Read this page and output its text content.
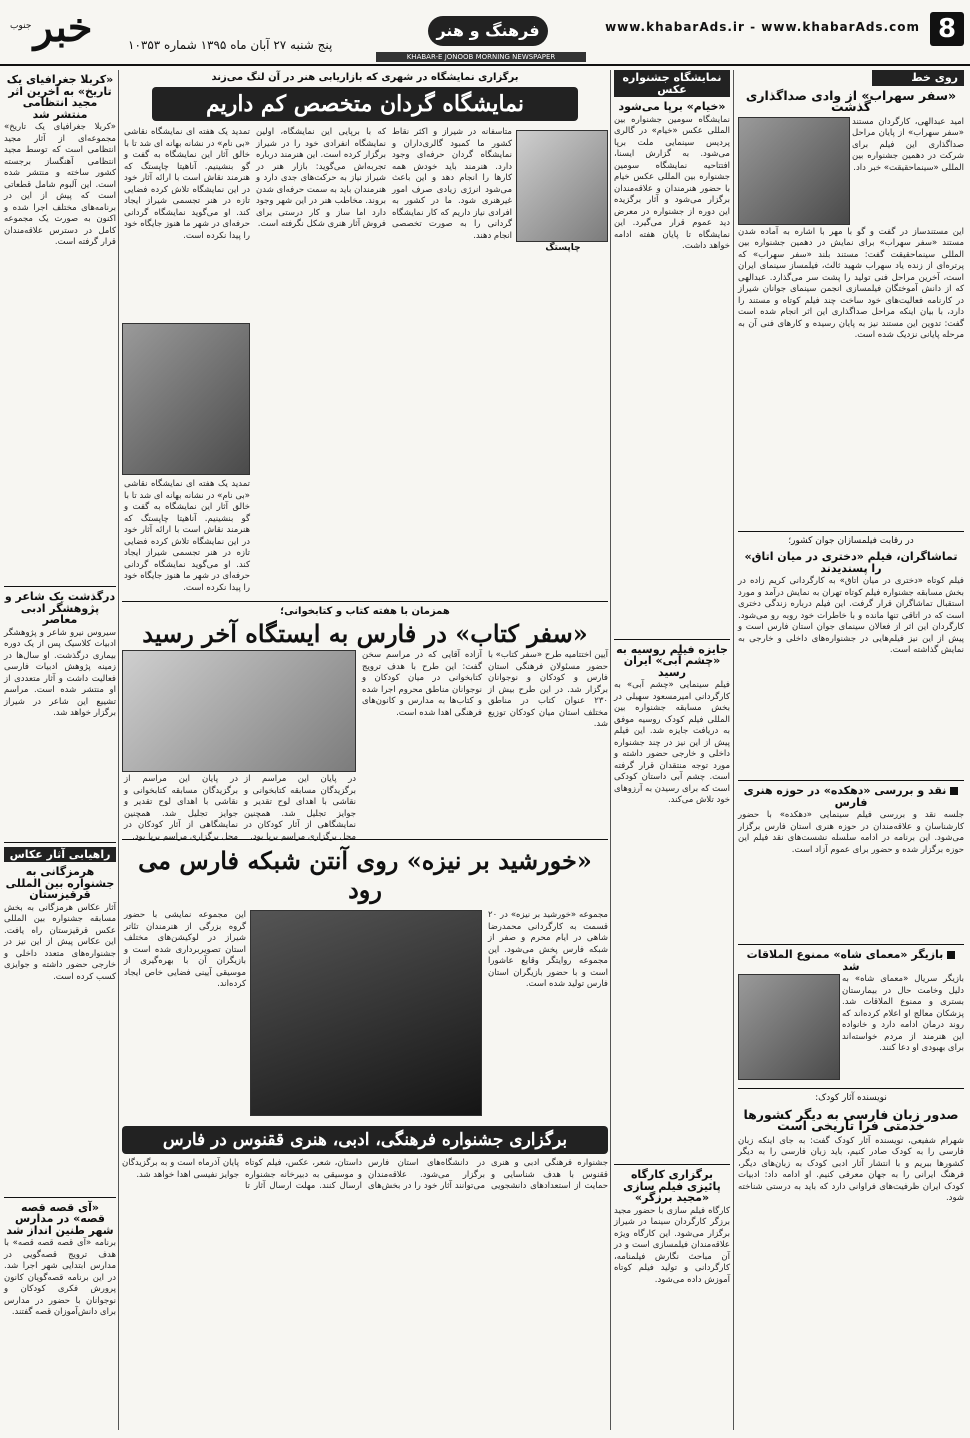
8
www.khabarAds.ir - www.khabarAds.com
فرهنگ و هنر
خبر
جنوب
پنج شنبه ۲۷ آبان ماه ۱۳۹۵ شماره ۱۰۳۵۳
KHABAR-E JONOOB MORNING NEWSPAPER
روی خط
«سفر سهراب» از وادی صداگذاری گذشت
امید عبدالهی، کارگردان مستند «سفر سهراب» از پایان مراحل صداگذاری این فیلم برای شرکت در دهمین جشنواره بین المللی «سینماحقیقت» خبر داد.
این مستندساز در گفت و گو با مهر با اشاره به آماده شدن مستند «سفر سهراب» برای نمایش در دهمین جشنواره بین المللی سینماحقیقت گفت: مستند بلند «سفر سهراب» که پرتره‌ای از زنده یاد سهراب شهید ثالث، فیلمساز سینمای ایران است، آخرین مراحل فنی تولید را پشت سر می‌گذارد. عبدالهی که از دانش آموختگان فیلمسازی انجمن سینمای جوانان شیراز در کارنامه فعالیت‌های خود ساخت چند فیلم کوتاه و مستند را دارد، با بیان اینکه مراحل صداگذاری این اثر انجام شده است گفت: تدوین این مستند نیز به پایان رسیده و کارهای فنی آن به مرحله پایانی نزدیک شده است.
در رقابت فیلمسازان جوان کشور؛
تماشاگران، فیلم «دختری در میان اتاق» را پسندیدند
فیلم کوتاه «دختری در میان اتاق» به کارگردانی کریم زاده در بخش مسابقه جشنواره فیلم کوتاه تهران به نمایش درآمد و مورد استقبال تماشاگران قرار گرفت. این فیلم درباره زندگی دختری است که در اتاقی تنها مانده و با خاطرات خود روبه رو می‌شود. کارگردان این اثر از فعالان سینمای جوان استان فارس است و پیش از این نیز فیلم‌هایی در جشنواره‌های داخلی و خارجی به نمایش گذاشته است.
نقد و بررسی «دهکده» در حوزه هنری فارس
جلسه نقد و بررسی فیلم سینمایی «دهکده» با حضور کارشناسان و علاقه‌مندان در حوزه هنری استان فارس برگزار می‌شود. این برنامه در ادامه سلسله نشست‌های نقد فیلم این حوزه برگزار شده و حضور برای عموم آزاد است.
بازیگر «معمای شاه» ممنوع الملاقات شد
بازیگر سریال «معمای شاه» به دلیل وخامت حال در بیمارستان بستری و ممنوع الملاقات شد. پزشکان معالج او اعلام کرده‌اند که روند درمان ادامه دارد و خانواده این هنرمند از مردم خواسته‌اند برای بهبودی او دعا کنند.
نویسنده آثار کودک:
صدور زبان فارسی به دیگر کشورها خدمتی فرا تاریخی است
شهرام شفیعی، نویسنده آثار کودک گفت: به جای اینکه زبان فارسی را به کودک صادر کنیم، باید زبان فارسی را به دیگر کشورها ببریم و با انتشار آثار ادبی کودک به زبان‌های دیگر، فرهنگ ایرانی را به جهان معرفی کنیم. او ادامه داد: ادبیات کودک ایران ظرفیت‌های فراوانی دارد که باید به درستی شناخته شود.
نمایشگاه جشنواره عکس
«خیام» برپا می‌شود
نمایشگاه سومین جشنواره بین المللی عکس «خیام» در گالری پردیس سینمایی ملت برپا می‌شود. به گزارش ایسنا، افتتاحیه نمایشگاه سومین جشنواره بین المللی عکس خیام با حضور هنرمندان و علاقه‌مندان برگزار می‌شود و آثار برگزیده این دوره از جشنواره در معرض دید عموم قرار می‌گیرد. این نمایشگاه تا پایان هفته ادامه خواهد داشت.
جایزه فیلم روسیه به «چشم آبی» ایران رسید
فیلم سینمایی «چشم آبی» به کارگردانی امیرمسعود سهیلی در بخش مسابقه جشنواره بین المللی فیلم کودک روسیه موفق به دریافت جایزه شد. این فیلم پیش از این نیز در چند جشنواره داخلی و خارجی حضور داشته و مورد توجه منتقدان قرار گرفته است. چشم آبی داستان کودکی است که برای رسیدن به آرزوهای خود تلاش می‌کند.
برگزاری کارگاه پائیزی فیلم سازی «مجید برزگر»
کارگاه فیلم سازی با حضور مجید برزگر کارگردان سینما در شیراز برگزار می‌شود. این کارگاه ویژه علاقه‌مندان فیلمسازی است و در آن مباحث نگارش فیلمنامه، کارگردانی و تولید فیلم کوتاه آموزش داده می‌شود.
برگزاری نمایشگاه در شهری که بازاریابی هنر در آن لنگ می‌زند
نمایشگاه گردان متخصص کم داریم
چاپستگ
متاسفانه در شیراز و اکثر نقاط کشور ما کمبود گالری‌داران و نمایشگاه گردان حرفه‌ای وجود دارد. هنرمند باید خودش همه کارها را انجام دهد و این باعث می‌شود انرژی زیادی صرف امور غیرهنری شود. ما در کشور به افرادی نیاز داریم که کار نمایشگاه گردانی را به صورت تخصصی انجام دهند.
که با برپایی این نمایشگاه، اولین نمایشگاه انفرادی خود را در شیراز برگزار کرده است. این هنرمند درباره تجربه‌اش می‌گوید: بازار هنر در شیراز نیاز به حرکت‌های جدی دارد و هنرمندان باید به سمت حرفه‌ای شدن بروند. مخاطب هنر در این شهر وجود دارد اما ساز و کار درستی برای فروش آثار هنری شکل نگرفته است.
تمدید یک هفته ای نمایشگاه نقاشی «بی نام» در نشانه بهانه ای شد تا با خالق آثار این نمایشگاه به گفت و گو بنشینیم. آناهیتا چاپستگ که هنرمند نقاش است با ارائه آثار خود در این نمایشگاه تلاش کرده فضایی تازه در هنر تجسمی شیراز ایجاد کند. او می‌گوید نمایشگاه گردانی حرفه‌ای در شهر ما هنوز جایگاه خود را پیدا نکرده است.
تمدید یک هفته ای نمایشگاه نقاشی «بی نام» در نشانه بهانه ای شد تا با خالق آثار این نمایشگاه به گفت و گو بنشینیم. آناهیتا چاپستگ که هنرمند نقاش است با ارائه آثار خود در این نمایشگاه تلاش کرده فضایی تازه در هنر تجسمی شیراز ایجاد کند. او می‌گوید نمایشگاه گردانی حرفه‌ای در شهر ما هنوز جایگاه خود را پیدا نکرده است.
همزمان با هفته کتاب و کتابخوانی؛
«سفر کتاب» در فارس به ایستگاه آخر رسید
آیین اختتامیه طرح «سفر کتاب» با حضور مسئولان فرهنگی استان فارس و کودکان و نوجوانان برگزار شد. در این طرح بیش از ۲۳۰ عنوان کتاب در مناطق مختلف استان میان کودکان توزیع شد.
آزاده آقایی که در مراسم سخن گفت: این طرح با هدف ترویج کتابخوانی در میان کودکان و نوجوانان مناطق محروم اجرا شده و کتاب‌ها به مدارس و کانون‌های فرهنگی اهدا شده است.
در پایان این مراسم از برگزیدگان مسابقه کتابخوانی و نقاشی با اهدای لوح تقدیر و جوایز تجلیل شد. همچنین نمایشگاهی از آثار کودکان در محل برگزاری مراسم برپا بود.
در پایان این مراسم از برگزیدگان مسابقه کتابخوانی و نقاشی با اهدای لوح تقدیر و جوایز تجلیل شد. همچنین نمایشگاهی از آثار کودکان در محل برگزاری مراسم برپا بود.
«خورشید بر نیزه» روی آنتن شبکه فارس می رود
مجموعه «خورشید بر نیزه» در ۲۰ قسمت به کارگردانی محمدرضا شاهی در ایام محرم و صفر از شبکه فارس پخش می‌شود. این مجموعه روایتگر وقایع عاشورا است و با حضور بازیگران استان فارس تولید شده است.
این مجموعه نمایشی با حضور گروه بزرگی از هنرمندان تئاتر شیراز در لوکیشن‌های مختلف استان تصویربرداری شده است و بازیگران آن با بهره‌گیری از موسیقی آیینی فضایی خاص ایجاد کرده‌اند.
برگزاری جشنواره فرهنگی، ادبی، هنری ققنوس در فارس
جشنواره فرهنگی ادبی و هنری ققنوس با هدف شناسایی و حمایت از استعدادهای دانشجویی در دانشگاه‌های استان فارس برگزار می‌شود. علاقه‌مندان می‌توانند آثار خود را در بخش‌های داستان، شعر، عکس، فیلم کوتاه و موسیقی به دبیرخانه جشنواره ارسال کنند. مهلت ارسال آثار تا پایان آذرماه است و به برگزیدگان جوایز نفیسی اهدا خواهد شد.
«کربلا جغرافیای یک تاریخ» به آخرین اثر مجید انتظامی منتشر شد
«کربلا جغرافیای یک تاریخ» مجموعه‌ای از آثار مجید انتظامی است که توسط مجید انتظامی آهنگساز برجسته کشور ساخته و منتشر شده است. این آلبوم شامل قطعاتی است که پیش از این در برنامه‌های مختلف اجرا شده و اکنون به صورت یک مجموعه کامل در دسترس علاقه‌مندان قرار گرفته است.
درگذشت یک شاعر و پژوهشگر ادبی معاصر
سیروس نیرو شاعر و پژوهشگر ادبیات کلاسیک پس از یک دوره بیماری درگذشت. او سال‌ها در زمینه پژوهش ادبیات فارسی فعالیت داشت و آثار متعددی از او منتشر شده است. مراسم تشییع این شاعر در شیراز برگزار خواهد شد.
راهیابی آثار عکاس
هرمزگانی به جشنواره بین المللی قرقیزستان
آثار عکاس هرمزگانی به بخش مسابقه جشنواره بین المللی عکس قرقیزستان راه یافت. این عکاس پیش از این نیز در جشنواره‌های متعدد داخلی و خارجی حضور داشته و جوایزی کسب کرده است.
«آی قصه قصه قصه» در مدارس شهر طنین انداز شد
برنامه «آی قصه قصه قصه» با هدف ترویج قصه‌گویی در مدارس ابتدایی شهر اجرا شد. در این برنامه قصه‌گویان کانون پرورش فکری کودکان و نوجوانان با حضور در مدارس برای دانش‌آموزان قصه گفتند.
